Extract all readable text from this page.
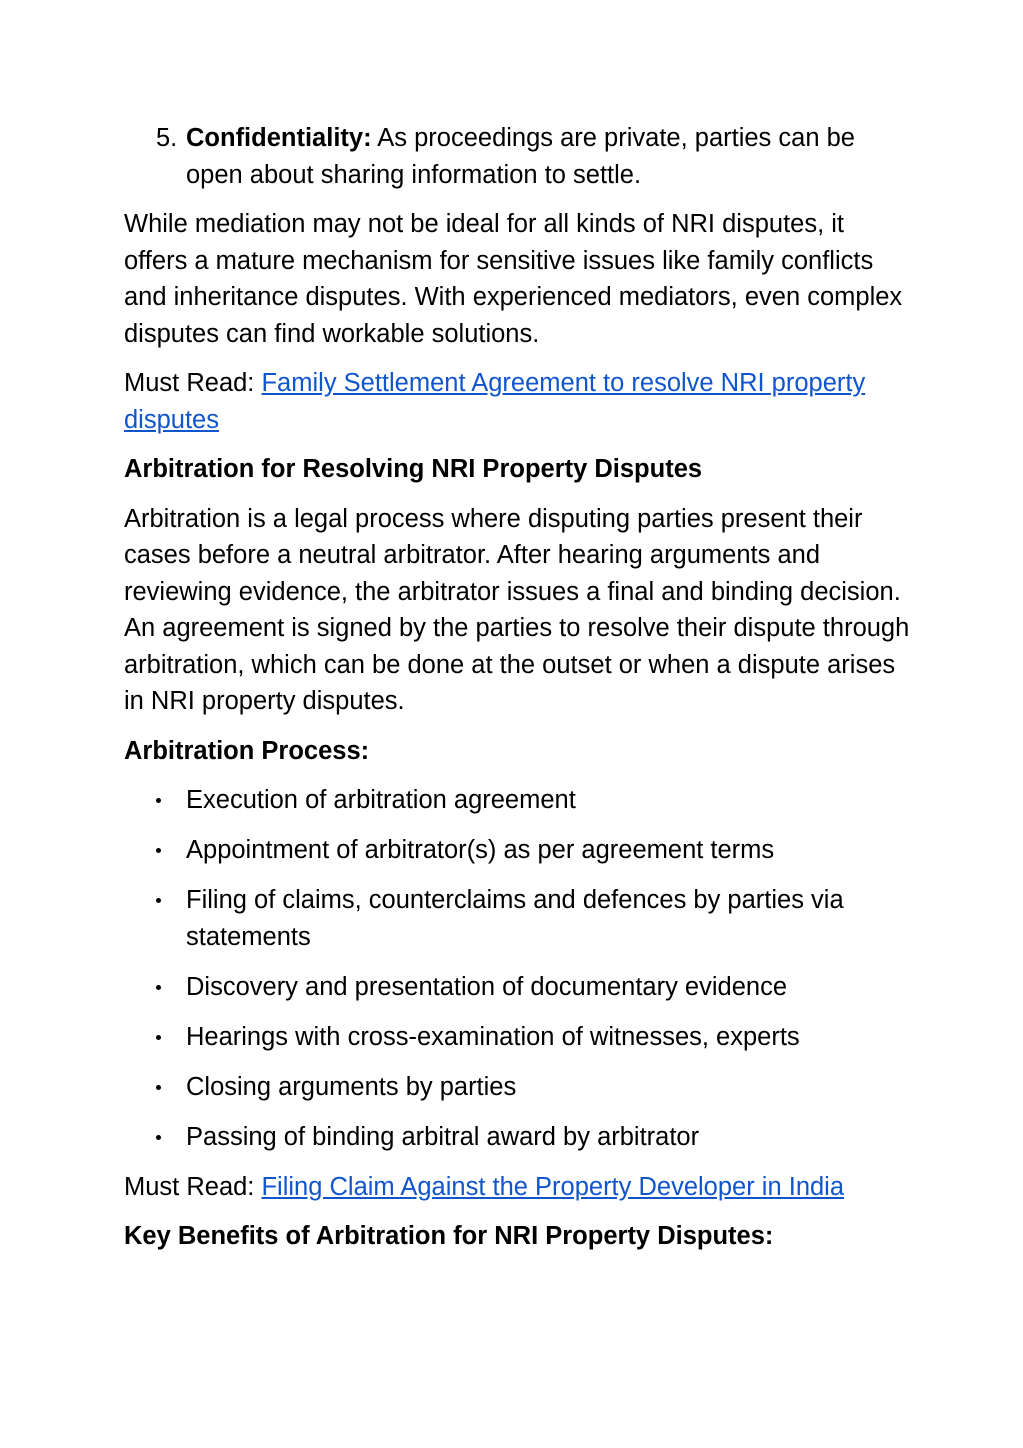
5. Confidentiality: As proceedings are private, parties can be open about sharing information to settle.

While mediation may not be ideal for all kinds of NRI disputes, it offers a mature mechanism for sensitive issues like family conflicts and inheritance disputes. With experienced mediators, even complex disputes can find workable solutions.

Must Read: Family Settlement Agreement to resolve NRI property disputes

Arbitration for Resolving NRI Property Disputes

Arbitration is a legal process where disputing parties present their cases before a neutral arbitrator. After hearing arguments and reviewing evidence, the arbitrator issues a final and binding decision. An agreement is signed by the parties to resolve their dispute through arbitration, which can be done at the outset or when a dispute arises in NRI property disputes.

Arbitration Process:
Execution of arbitration agreement
Appointment of arbitrator(s) as per agreement terms
Filing of claims, counterclaims and defences by parties via statements
Discovery and presentation of documentary evidence
Hearings with cross-examination of witnesses, experts
Closing arguments by parties
Passing of binding arbitral award by arbitrator

Must Read: Filing Claim Against the Property Developer in India

Key Benefits of Arbitration for NRI Property Disputes:
